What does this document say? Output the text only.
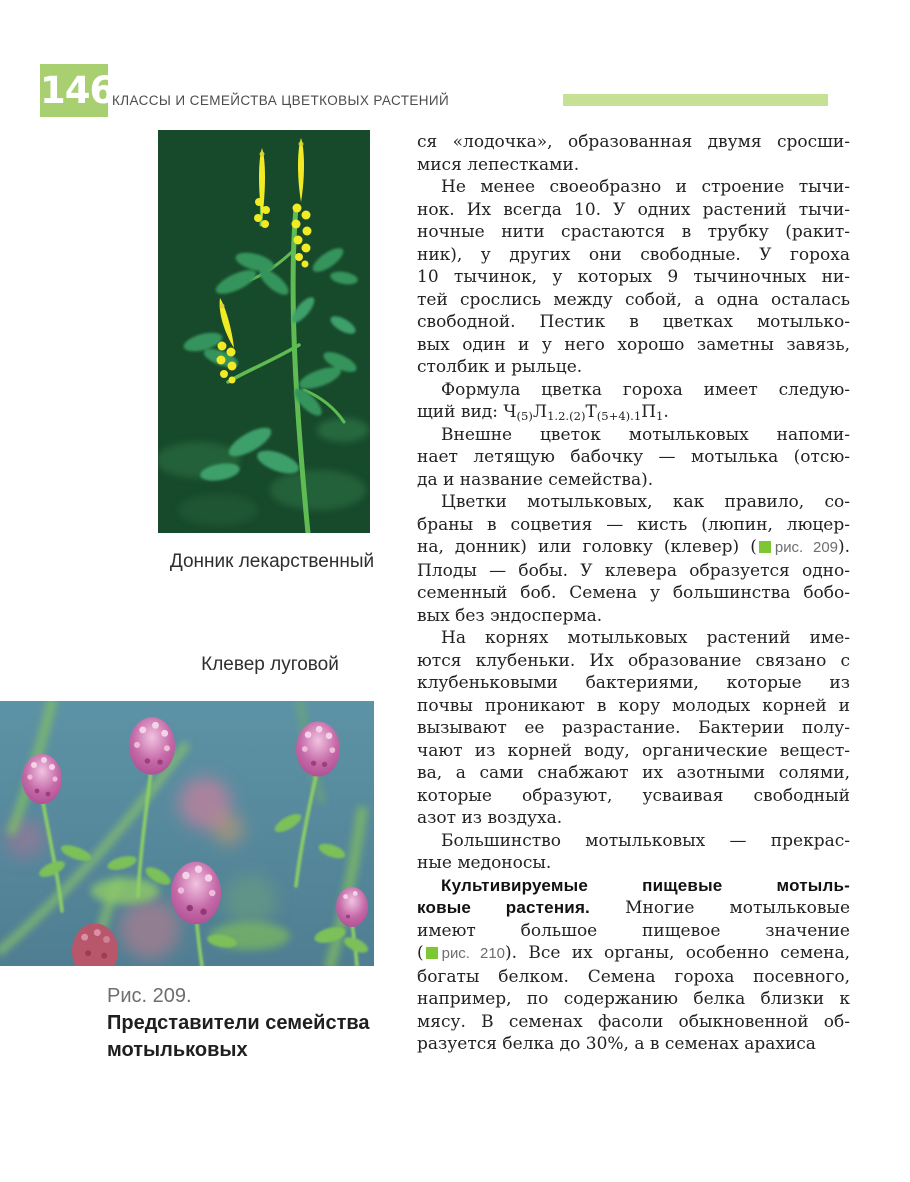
146
КЛАССЫ И СЕМЕЙСТВА ЦВЕТКОВЫХ РАСТЕНИЙ
Донник лекарственный
Клевер луговой
Рис. 209.
Представители семейства
мотыльковых
ся «лодочка», образованная двумя сросши-
мися лепестками.
Не менее своеобразно и строение тычи-
нок. Их всегда 10. У одних растений тычи-
ночные нити срастаются в трубку (ракит-
ник), у других они свободные. У гороха
10 тычинок, у которых 9 тычиночных ни-
тей срослись между собой, а одна осталась
свободной. Пестик в цветках мотылько-
вых один и у него хорошо заметны завязь,
столбик и рыльце.
Формула цветка гороха имеет следую-
щий вид: $Ч_{(5)}Л_{1.2.(2)}Т_{(5+4).1}П_1$.
Внешне цветок мотыльковых напоми-
нает летящую бабочку — мотылька (отсю-
да и название семейства).
Цветки мотыльковых, как правило, со-
браны в соцветия — кисть (люпин, люцер-
на, донник) или головку (клевер) ( рис. 209).
Плоды — бобы. У клевера образуется одно-
семенный боб. Семена у большинства бобо-
вых без эндосперма.
На корнях мотыльковых растений име-
ются клубеньки. Их образование связано с
клубеньковыми бактериями, которые из
почвы проникают в кору молодых корней и
вызывают ее разрастание. Бактерии полу-
чают из корней воду, органические вещест-
ва, а сами снабжают их азотными солями,
которые образуют, усваивая свободный
азот из воздуха.
Большинство мотыльковых — прекрас-
ные медоносы.
Культивируемые пищевые мотыль-
ковые растения. Многие мотыльковые
имеют большое пищевое значение
( рис. 210). Все их органы, особенно семена,
богаты белком. Семена гороха посевного,
например, по содержанию белка близки к
мясу. В семенах фасоли обыкновенной об-
разуется белка до 30%, а в семенах арахиса
